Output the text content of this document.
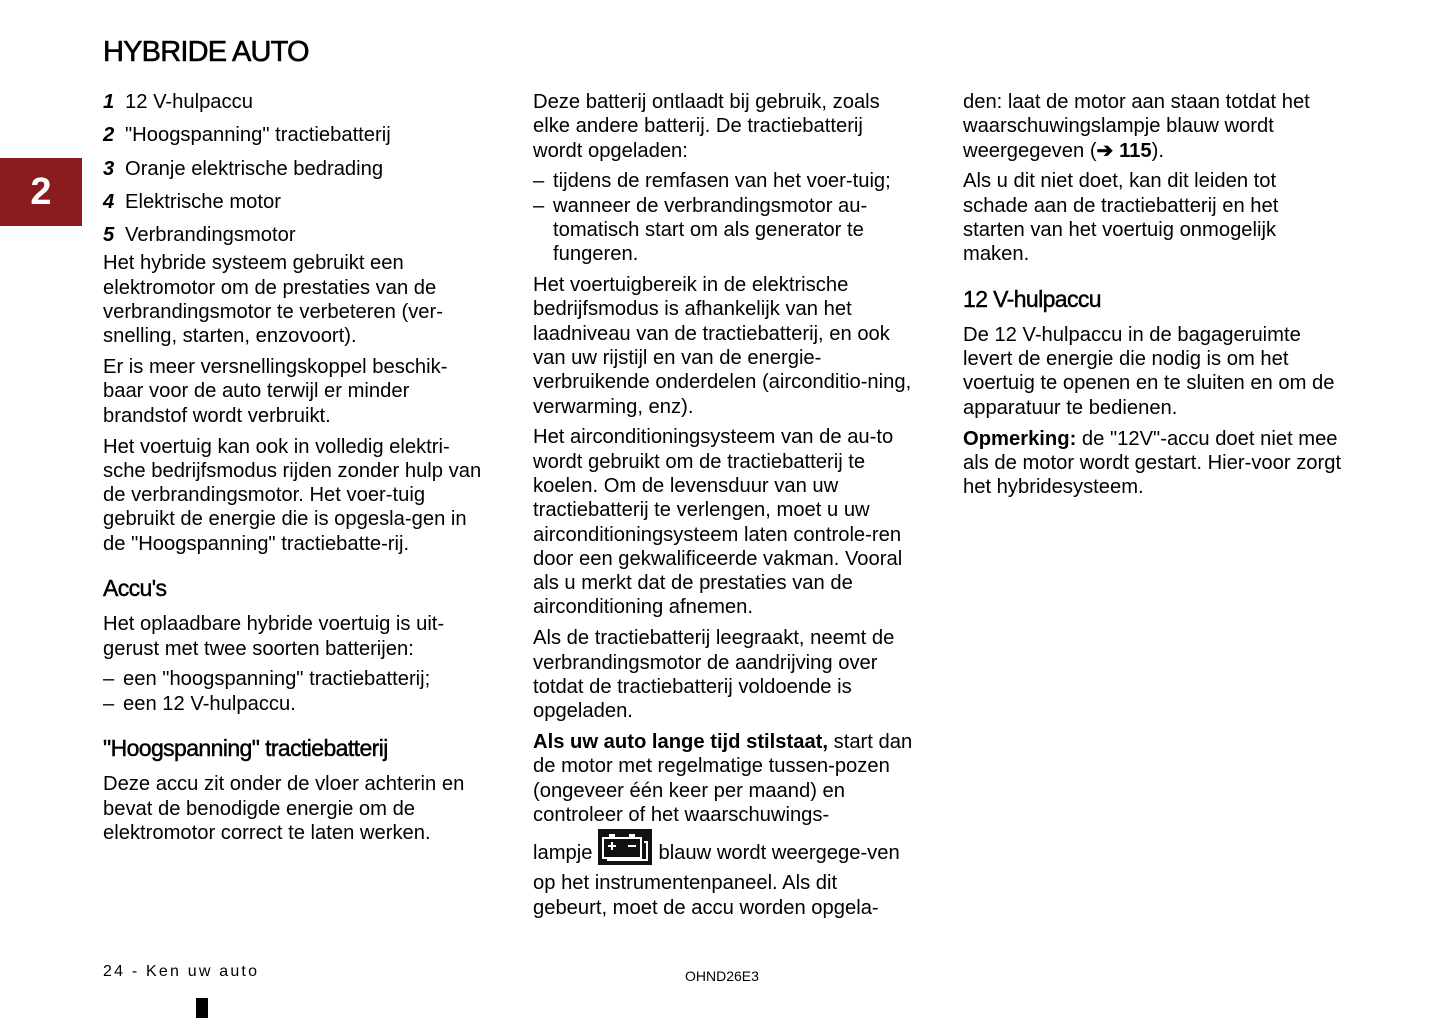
HYBRIDE AUTO
2
1 12 V-hulpaccu
2 "Hoogspanning" tractiebatterij
3 Oranje elektrische bedrading
4 Elektrische motor
5 Verbrandingsmotor

Het hybride systeem gebruikt een elektromotor om de prestaties van de verbrandingsmotor te verbeteren (ver-snelling, starten, enzovoort).

Er is meer versnellingskoppel beschik-baar voor de auto terwijl er minder brandstof wordt verbruikt.

Het voertuig kan ook in volledig elektri-sche bedrijfsmodus rijden zonder hulp van de verbrandingsmotor. Het voer-tuig gebruikt de energie die is opgesla-gen in de "Hoogspanning" tractiebatte-rij.

Accu's

Het oplaadbare hybride voertuig is uit-gerust met twee soorten batterijen:

– een "hoogspanning" tractiebatterij;
– een 12 V-hulpaccu.
"Hoogspanning" tractiebatterij

Deze accu zit onder de vloer achterin en bevat de benodigde energie om de elektromotor correct te laten werken.

Deze batterij ontlaadt bij gebruik, zoals elke andere batterij. De tractiebatterij wordt opgeladen:

– tijdens de remfasen van het voer-tuig;
– wanneer de verbrandingsmotor au-tomatisch start om als generator te fungeren.

Het voertuigbereik in de elektrische bedrijfsmodus is afhankelijk van het laadniveau van de tractiebatterij, en ook van uw rijstijl en van de energie-verbruikende onderdelen (airconditio-ning, verwarming, enz).

Het airconditioningsysteem van de au-to wordt gebruikt om de tractiebatterij te koelen. Om de levensduur van uw tractiebatterij te verlengen, moet u uw airconditioningsysteem laten controle-ren door een gekwalificeerde vakman. Vooral als u merkt dat de prestaties van de airconditioning afnemen.

Als de tractiebatterij leegraakt, neemt de verbrandingsmotor de aandrijving over totdat de tractiebatterij voldoende is opgeladen.

Als uw auto lange tijd stilstaat, start dan de motor met regelmatige tussen-pozen (ongeveer één keer per maand) en controleer of het waarschuwings-

lampje	blauw wordt weergege-ven op het instrumentenpaneel. Als dit gebeurt, moet de accu worden opgela-

den: laat de motor aan staan totdat het waarschuwingslampje blauw wordt weergegeven (➔ 115).

Als u dit niet doet, kan dit leiden tot schade aan de tractiebatterij en het starten van het voertuig onmogelijk maken.

12 V-hulpaccu

De 12 V-hulpaccu in de bagageruimte levert de energie die nodig is om het voertuig te openen en te sluiten en om de apparatuur te bedienen.

Opmerking: de "12V"-accu doet niet mee als de motor wordt gestart. Hier-voor zorgt het hybridesysteem.

24 - Ken uw auto	OHND26E3
